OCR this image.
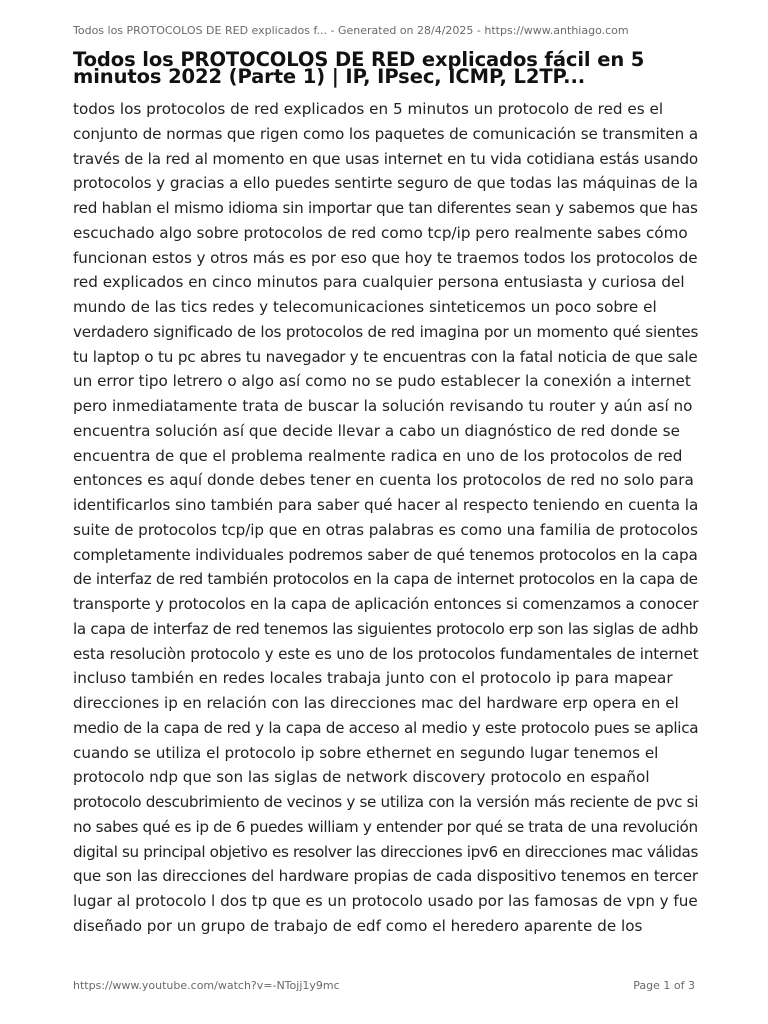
Todos los PROTOCOLOS DE RED explicados f... - Generated on 28/4/2025 - https://www.anthiago.com
Todos los PROTOCOLOS DE RED explicados fácil en 5 minutos 2022 (Parte 1) | IP, IPsec, ICMP, L2TP...
todos los protocolos de red explicados en 5 minutos un protocolo de red es el
conjunto de normas que rigen como los paquetes de comunicación se transmiten a
través de la red al momento en que usas internet en tu vida cotidiana estás usando
protocolos y gracias a ello puedes sentirte seguro de que todas las máquinas de la
red hablan el mismo idioma sin importar que tan diferentes sean y sabemos que has
escuchado algo sobre protocolos de red como tcp/ip pero realmente sabes cómo
funcionan estos y otros más es por eso que hoy te traemos todos los protocolos de
red explicados en cinco minutos para cualquier persona entusiasta y curiosa del
mundo de las tics redes y telecomunicaciones sinteticemos un poco sobre el
verdadero significado de los protocolos de red imagina por un momento qué sientes
tu laptop o tu pc abres tu navegador y te encuentras con la fatal noticia de que sale
un error tipo letrero o algo así como no se pudo establecer la conexión a internet
pero inmediatamente trata de buscar la solución revisando tu router y aún así no
encuentra solución así que decide llevar a cabo un diagnóstico de red donde se
encuentra de que el problema realmente radica en uno de los protocolos de red
entonces es aquí donde debes tener en cuenta los protocolos de red no solo para
identificarlos sino también para saber qué hacer al respecto teniendo en cuenta la
suite de protocolos tcp/ip que en otras palabras es como una familia de protocolos
completamente individuales podremos saber de qué tenemos protocolos en la capa
de interfaz de red también protocolos en la capa de internet protocolos en la capa de
transporte y protocolos en la capa de aplicación entonces si comenzamos a conocer
la capa de interfaz de red tenemos las siguientes protocolo erp son las siglas de adhb
esta resoluciòn protocolo y este es uno de los protocolos fundamentales de internet
incluso también en redes locales trabaja junto con el protocolo ip para mapear
direcciones ip en relación con las direcciones mac del hardware erp opera en el
medio de la capa de red y la capa de acceso al medio y este protocolo pues se aplica
cuando se utiliza el protocolo ip sobre ethernet en segundo lugar tenemos el
protocolo ndp que son las siglas de network discovery protocolo en español
protocolo descubrimiento de vecinos y se utiliza con la versión más reciente de pvc si
no sabes qué es ip de 6 puedes william y entender por qué se trata de una revolución
digital su principal objetivo es resolver las direcciones ipv6 en direcciones mac válidas
que son las direcciones del hardware propias de cada dispositivo tenemos en tercer
lugar al protocolo l dos tp que es un protocolo usado por las famosas de vpn y fue
diseñado por un grupo de trabajo de edf como el heredero aparente de los
https://www.youtube.com/watch?v=-NTojj1y9mc	Page 1 of 3
